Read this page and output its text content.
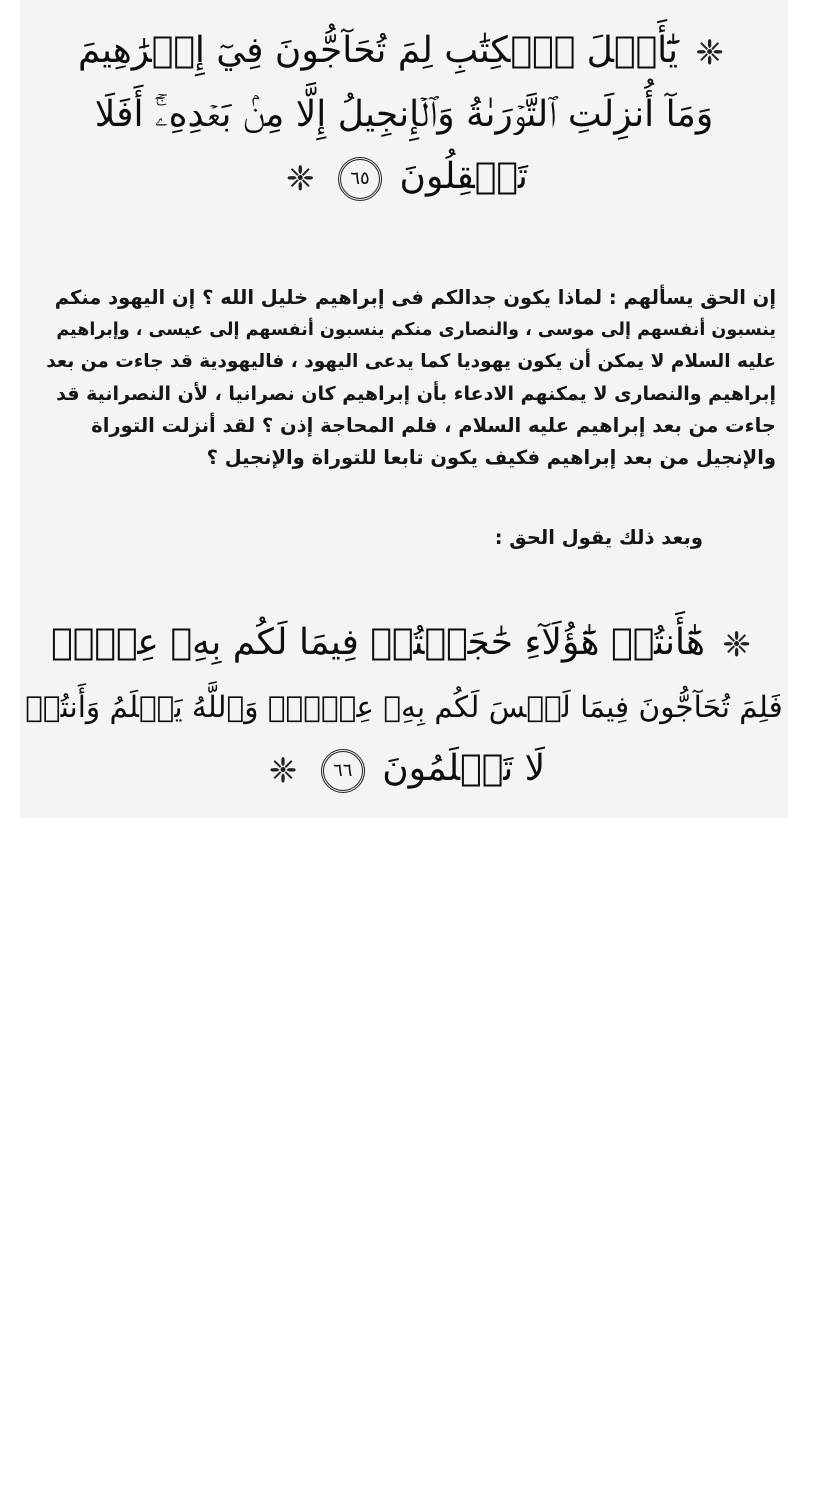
❈ يَٰٓأَهۡلَ ٱلۡكِتَٰبِ لِمَ تُحَآجُّونَ فِيٓ إِبۡرَٰهِيمَ
وَمَآ أُنزِلَتِ ٱلتَّوۡرَىٰةُ وَٱلۡإِنجِيلُ إِلَّا مِنۢ بَعۡدِهِۦٓۚ أَفَلَا
تَعۡقِلُونَ ٦٥ ❈
إن الحق يسألهم : لماذا يكون جدالكم فى إبراهيم خليل الله ؟ إن اليهود منكم
ينسبون أنفسهم إلى موسى ، والنصارى منكم ينسبون أنفسهم إلى عيسى ، وإبراهيم
عليه السلام لا يمكن أن يكون يهوديا كما يدعى اليهود ، فاليهودية قد جاءت من بعد
إبراهيم والنصارى لا يمكنهم الادعاء بأن إبراهيم كان نصرانيا ، لأن النصرانية قد
جاءت من بعد إبراهيم عليه السلام ، فلم المحاجة إذن ؟ لقد أنزلت التوراة
والإنجيل من بعد إبراهيم فكيف يكون تابعا للتوراة والإنجيل ؟
وبعد ذلك يقول الحق :
❈ هَٰٓأَنتُمۡ هَٰٓؤُلَآءِ حَٰجَجۡتُمۡ فِيمَا لَكُم بِهِۦ عِلۡمٞ
فَلِمَ تُحَآجُّونَ فِيمَا لَيۡسَ لَكُم بِهِۦ عِلۡمٞۚ وَٱللَّهُ يَعۡلَمُ وَأَنتُمۡ
لَا تَعۡلَمُونَ ٦٦ ❈
